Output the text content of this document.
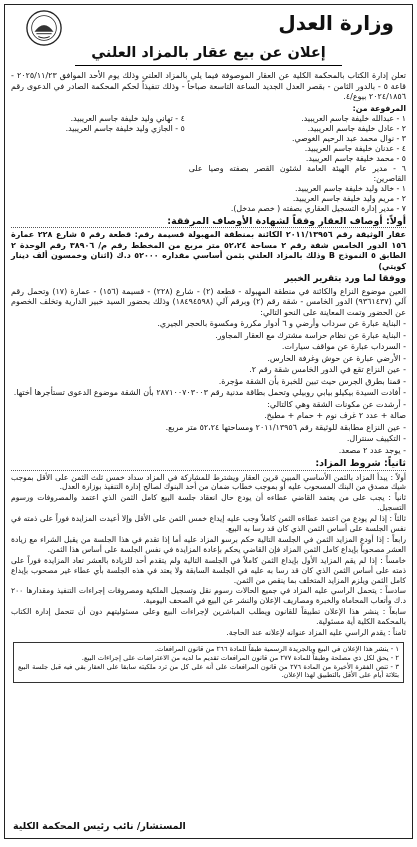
وزارة العدل
إعلان عن بيع عقار بالمزاد العلني

تعلن إدارة الكتاب بالمحكمة الكلية عن العقار الموصوفة فيما يلي بالمزاد العلني وذلك يوم الأحد الموافق ٢٠٢٥/١١/٢٣ - قاعة ٥ - بالدور الثامن - بقصر العدل الجديد الساعة التاسعة صباحاً - وذلك تنفيذاً لحكم المحكمة الصادر في الدعوى رقم ٢٠٢٤/١٨٥٦ بيوع/٤.

المرفوعة من:
١ - عبدالله خليفة جاسم العريبيد.
٢ - عادل خليفة جاسم العريبيد.
٣ - نوال محمد عبد الرحيم الغوصي.
٤ - عدنان خليفة جاسم العريبيد.
٥ - محمد خليفة جاسم العريبيد.
٦ - مدير عام الهيئة العامة لشئون القصر بصفته وصيا على القاصرين:
١ - خالد وليد خليفة جاسم العريبيد.
٢ - مريم وليد خليفة جاسم العريبيد.
٧ - مدير إدارة التسجيل العقاري بصفته ( خصم مدخل).
٤ - تهاني وليد خليفة جاسم العريبيد.
٥ - الجازي وليد خليفة جاسم العريبيد.
أولاً: أوصاف العقار وفقاً لشهادة الأوصاف المرفقة:

عقار الوثيقة رقم ٢٠١١/١٣٩٥٦ الكائنة بمنطقة المهبولة قسيمة رقم: قطعة رقم ٥ شارع ٢٢٨ عمارة ١٥٦ الدور الخامس شقة رقم ٢ مساحة ٥٢،٢٤ متر مربع من المخطط رقم م/ ٣٨٩٠٦ رقم الوحدة ٢ الطابق ٥ النموذج B وذلك بالمزاد العلني بثمن أساسي مقداره ٥٢٠٠٠ د.ك (اثنان وخمسون ألف دينار كويتي)

ووفقا لما ورد بتقرير الخبير

العين موضوع النزاع والكائنة في منطقة المهبولة - قطعة (٢) - شارع (٢٢٨) - قسيمة (١٥٦) - عمارة (١٧) وتحمل رقم آلي (٩٣٦١٤٣٧) الدور الخامس - شقة رقم (٢) وبرقم آلي (١٨٤٩٤٥٩٨) وذلك بحضور السيد خبير الدارية وتخلف الخصوم عن الحضور وتمت المعاينة على النحو التالي:

- البناية عبارة عن سرداب وأرضي و ٦ أدوار مكررة ومكسوة بالحجر الجيري.

- البناية عبارة عن نظام حراسة مشترك مع العقار المجاور.

- السرداب عبارة عن مواقف سيارات.

- الأرضي عبارة عن حوش وغرفة الحارس.

- عين النزاع تقع في الدور الخامس شقة رقم ٢.

- قمنا بطرق الجرس حيث تبين للخبرة بأن الشقة مؤجرة.

- أفادت السيدة بيكيلو بيابي روبيلي وتحمل بطاقة مدنية رقم ٢٨٧١٠٠٧٠٣٠٠٣ بأن الشقة موضوع الدعوى تستأجرها أختها.

- أرشدت عن مكونات الشقة وهي كالتالي:

صالة + عدد ٢ غرف نوم + حمام + مطبخ.

- عين النزاع مطابقة للوثيقة رقم ٢٠١١/١٣٩٥٦ ومساحتها ٥٢،٢٤ متر مربع.

- التكييف سنترال.

- يوجد عدد ٢ مصعد.

ثانياً: شروط المزاد:

أولاً : يبدأ المزاد بالثمن الأساسي المبين قرين العقار ويشترط للمشاركة في المزاد سداد خمس ثلث الثمن على الأقل بموجب شيك مصدق من البنك المسحوب عليه أو بموجب خطاب ضمان من أحد البنوك لصالح إدارة التنفيذ بوزارة العدل.

ثانياً : يجب على من يعتمد القاضي عطاءه أن يودع حال انعقاد جلسة البيع كامل الثمن الذي اعتمد والمصروفات ورسوم التسجيل.

ثالثاً : إذا لم يودع من اعتمد عطاءه الثمن كاملاً وجب عليه إيداع خمس الثمن على الأقل وإلا أعيدت المزايدة فوراً على ذمته في نفس الجلسة على أساس الثمن الذي كان قد رسا به البيع.

رابعاً : إذا أودع المزايد الثمن في الجلسة التالية حكم برسو المزاد عليه أما إذا تقدم في هذا الجلسة من يقبل الشراء مع زيادة العشر مصحوباً بإيداع كامل الثمن المزاد فإن القاضي يحكم بإعادة المزايدة في نفس الجلسة على أساس هذا الثمن.

خامساً : إذا لم يقم المزايد الأول بإيداع الثمن كاملاً في الجلسة التالية ولم يتقدم أحد للزيادة بالعشر تعاد المزايدة فوراً على ذمته على أساس الثمن الذي كان قد رسا به عليه في الجلسة السابقة ولا يعتد في هذه الجلسة بأي عطاء غير مصحوب بإيداع كامل الثمن ويلزم المزايد المتخلف بما ينقص من الثمن.

سادساً : يتحمل الراسي عليه المزاد في جميع الحالات رسوم نقل وتسجيل الملكية ومصروفات إجراءات التنفيذ ومقدارها ٢٠٠ د.ك وأتعاب المحاماة والخبرة ومصاريف الإعلان والنشر عن البيع في الصحف اليومية.

سابعاً : ينشر هذا الإعلان تطبيقاً للقانون ويطلب المباشرين لإجراءات البيع وعلى مسئوليتهم دون أن تتحمل إدارة الكتاب بالمحكمة الكلية أية مسئولية.

ثامناً : يقدم الراسي عليه المزاد عنوانه لإعلانه عند الحاجة.

١ - ينشر هذا الإعلان في البيع وبالجريدة الرسمية طبقاً للمادة ٢٦٦ من قانون المرافعات.
٢ - يحق لكل ذي مصلحة وطبقاً للمادة ٢٧٧ من قانون المرافعات تقديم ما لديه من الاعتراضات على إجراءات البيع.
٣ - تنص الفقرة الأخيرة من المادة ٢٧٦ من قانون المرافعات على أنه على كل من ترد ملكيته سابقا على العقار بقي فيه قبل جلسة البيع بثلاثة أيام على الأقل بالتطبيق لهذا الإعلان.
المستشار/ نائب رئيس المحكمة الكلية
